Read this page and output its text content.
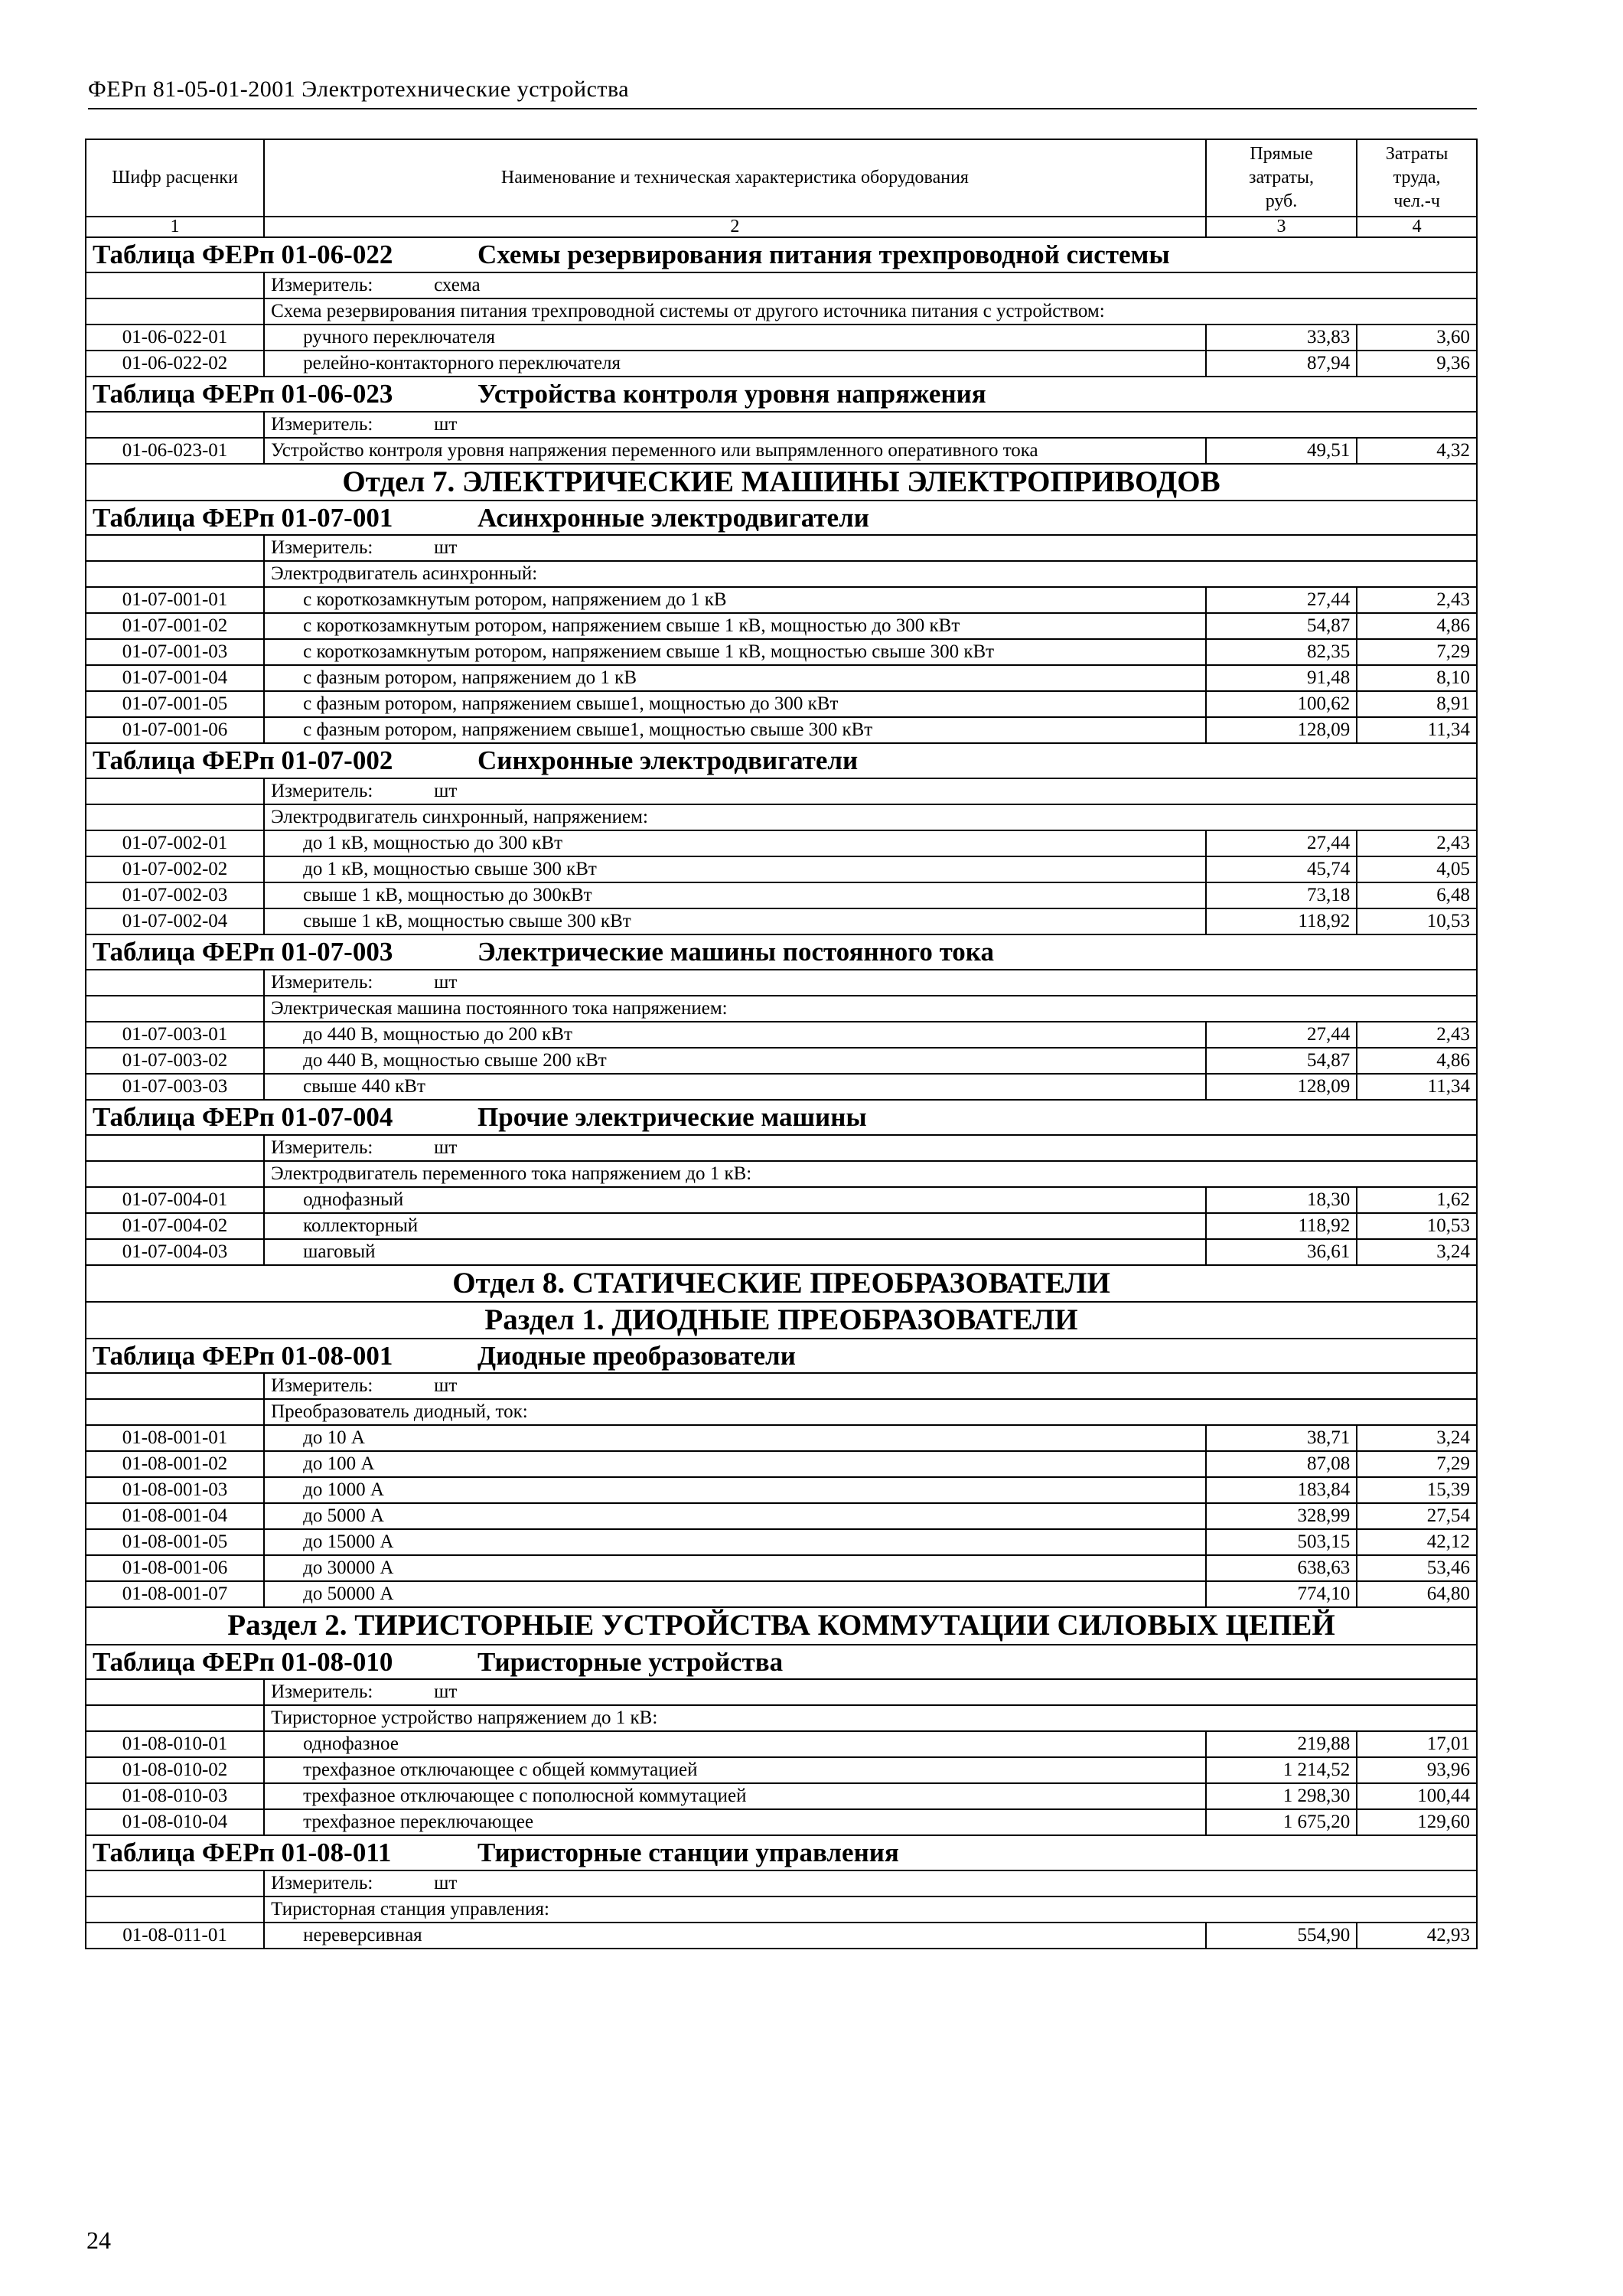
ФЕРп 81-05-01-2001 Электротехнические устройства
Шифр расценки	Наименование и техническая характеристика оборудования	Прямые затраты, руб.	Затраты труда, чел.-ч
1	2	3	4
Таблица ФЕРп 01-06-022 Схемы резервирования питания трехпроводной системы			
	Измеритель: схема		
	Схема резервирования питания трехпроводной системы от другого источника питания с устройством:		
01-06-022-01	ручного переключателя	33,83	3,60
01-06-022-02	релейно-контакторного переключателя	87,94	9,36
Таблица ФЕРп 01-06-023 Устройства контроля уровня напряжения			
	Измеритель: шт		
01-06-023-01	Устройство контроля уровня напряжения переменного или выпрямленного оперативного тока	49,51	4,32
Отдел 7. ЭЛЕКТРИЧЕСКИЕ МАШИНЫ ЭЛЕКТРОПРИВОДОВ			
Таблица ФЕРп 01-07-001 Асинхронные электродвигатели			
	Измеритель: шт		
	Электродвигатель асинхронный:		
01-07-001-01	с короткозамкнутым ротором, напряжением до 1 кВ	27,44	2,43
01-07-001-02	с короткозамкнутым ротором, напряжением свыше 1 кВ, мощностью до 300 кВт	54,87	4,86
01-07-001-03	с короткозамкнутым ротором, напряжением свыше 1 кВ, мощностью свыше 300 кВт	82,35	7,29
01-07-001-04	с фазным ротором, напряжением до 1 кВ	91,48	8,10
01-07-001-05	с фазным ротором, напряжением свыше1, мощностью до 300 кВт	100,62	8,91
01-07-001-06	с фазным ротором, напряжением свыше1, мощностью свыше 300 кВт	128,09	11,34
Таблица ФЕРп 01-07-002 Синхронные электродвигатели			
	Измеритель: шт		
	Электродвигатель синхронный, напряжением:		
01-07-002-01	до 1 кВ, мощностью до 300 кВт	27,44	2,43
01-07-002-02	до 1 кВ, мощностью свыше 300 кВт	45,74	4,05
01-07-002-03	свыше 1 кВ, мощностью до 300кВт	73,18	6,48
01-07-002-04	свыше 1 кВ, мощностью свыше 300 кВт	118,92	10,53
Таблица ФЕРп 01-07-003 Электрические машины постоянного тока			
	Измеритель: шт		
	Электрическая машина постоянного тока напряжением:		
01-07-003-01	до 440 В, мощностью до 200 кВт	27,44	2,43
01-07-003-02	до 440 В, мощностью свыше 200 кВт	54,87	4,86
01-07-003-03	свыше 440 кВт	128,09	11,34
Таблица ФЕРп 01-07-004 Прочие электрические машины			
	Измеритель: шт		
	Электродвигатель переменного тока напряжением до 1 кВ:		
01-07-004-01	однофазный	18,30	1,62
01-07-004-02	коллекторный	118,92	10,53
01-07-004-03	шаговый	36,61	3,24
Отдел 8. СТАТИЧЕСКИЕ ПРЕОБРАЗОВАТЕЛИ			
Раздел 1. ДИОДНЫЕ ПРЕОБРАЗОВАТЕЛИ			
Таблица ФЕРп 01-08-001 Диодные преобразователи			
	Измеритель: шт		
	Преобразователь диодный, ток:		
01-08-001-01	до 10 А	38,71	3,24
01-08-001-02	до 100 А	87,08	7,29
01-08-001-03	до 1000 А	183,84	15,39
01-08-001-04	до 5000 А	328,99	27,54
01-08-001-05	до 15000 А	503,15	42,12
01-08-001-06	до 30000 А	638,63	53,46
01-08-001-07	до 50000 А	774,10	64,80
Раздел 2. ТИРИСТОРНЫЕ УСТРОЙСТВА КОММУТАЦИИ СИЛОВЫХ ЦЕПЕЙ			
Таблица ФЕРп 01-08-010 Тиристорные устройства			
	Измеритель: шт		
	Тиристорное устройство напряжением до 1 кВ:		
01-08-010-01	однофазное	219,88	17,01
01-08-010-02	трехфазное отключающее с общей коммутацией	1 214,52	93,96
01-08-010-03	трехфазное отключающее с пополюсной коммутацией	1 298,30	100,44
01-08-010-04	трехфазное переключающее	1 675,20	129,60
Таблица ФЕРп 01-08-011 Тиристорные станции управления			
	Измеритель: шт		
	Тиристорная станция управления:		
01-08-011-01	нереверсивная	554,90	42,93
24
